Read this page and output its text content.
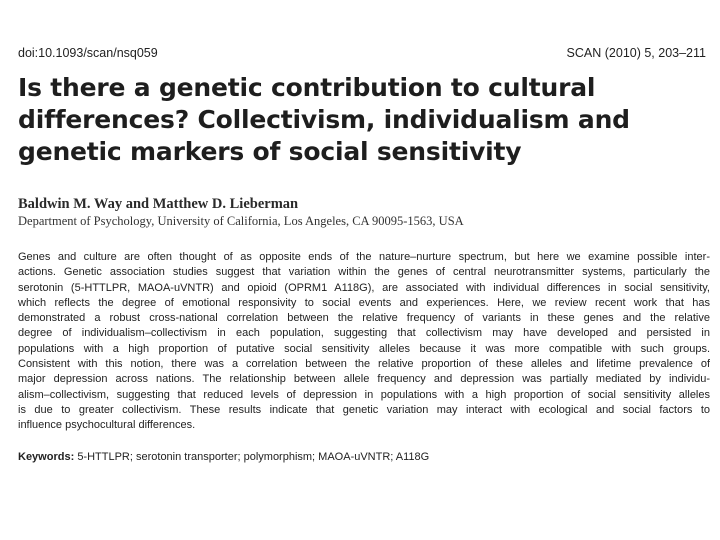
doi:10.1093/scan/nsq059	SCAN (2010) 5, 203–211
Is there a genetic contribution to cultural
differences? Collectivism, individualism and
genetic markers of social sensitivity
Baldwin M. Way and Matthew D. Lieberman
Department of Psychology, University of California, Los Angeles, CA 90095-1563, USA
Genes and culture are often thought of as opposite ends of the nature–nurture spectrum, but here we examine possible inter-
actions. Genetic association studies suggest that variation within the genes of central neurotransmitter systems, particularly the
serotonin (5-HTTLPR, MAOA-uVNTR) and opioid (OPRM1 A118G), are associated with individual differences in social sensitivity,
which reflects the degree of emotional responsivity to social events and experiences. Here, we review recent work that has
demonstrated a robust cross-national correlation between the relative frequency of variants in these genes and the relative
degree of individualism–collectivism in each population, suggesting that collectivism may have developed and persisted in
populations with a high proportion of putative social sensitivity alleles because it was more compatible with such groups.
Consistent with this notion, there was a correlation between the relative proportion of these alleles and lifetime prevalence of
major depression across nations. The relationship between allele frequency and depression was partially mediated by individu-
alism–collectivism, suggesting that reduced levels of depression in populations with a high proportion of social sensitivity alleles
is due to greater collectivism. These results indicate that genetic variation may interact with ecological and social factors to
influence psychocultural differences.
Keywords: 5-HTTLPR; serotonin transporter; polymorphism; MAOA-uVNTR; A118G
